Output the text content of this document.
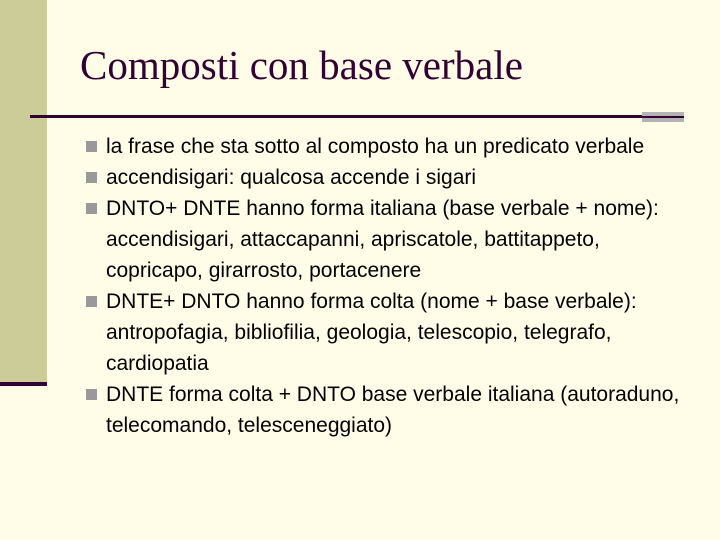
Composti con base verbale
la frase che sta sotto al composto ha un predicato verbale
accendisigari: qualcosa accende i sigari
DNTO+ DNTE hanno forma italiana (base verbale + nome): accendisigari, attaccapanni, apriscatole, battitappeto, copricapo, girarrosto, portacenere
DNTE+ DNTO hanno forma colta (nome + base verbale): antropofagia, bibliofilia, geologia, telescopio, telegrafo, cardiopatia
DNTE forma colta + DNTO base verbale italiana (autoraduno, telecomando, telesceneggiato)
